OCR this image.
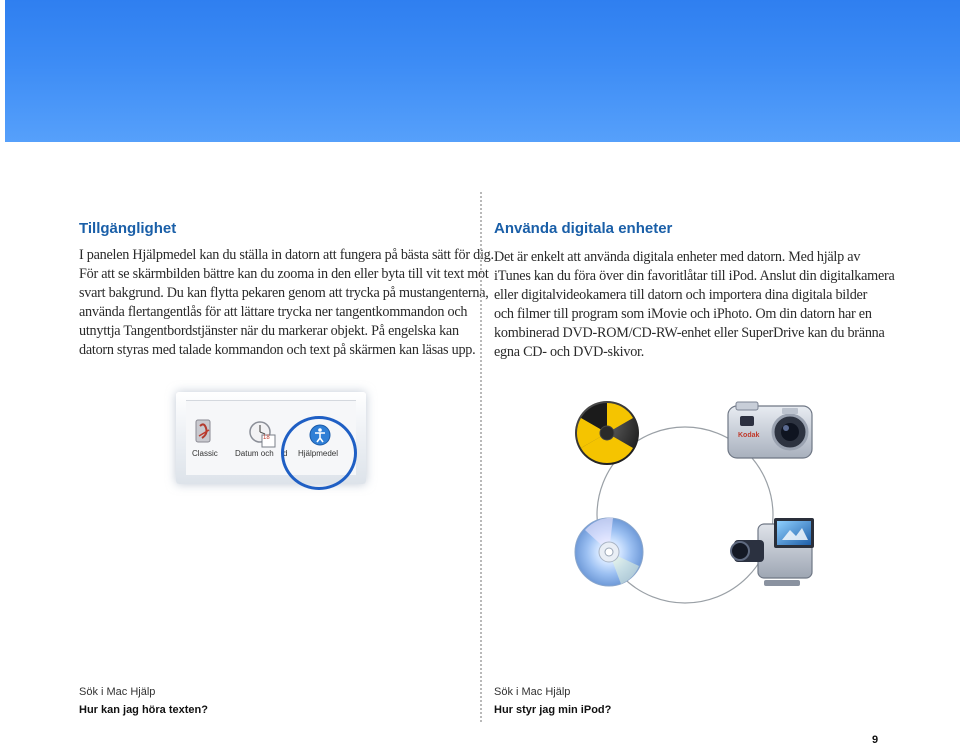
Tillgänglighet

I panelen Hjälpmedel kan du ställa in datorn att fungera på bästa sätt för dig.

För att se skärmbilden bättre kan du zooma in den eller byta till vit text mot

svart bakgrund. Du kan flytta pekaren genom att trycka på mustangenterna,

använda flertangentlås för att lättare trycka ner tangentkommandon och

utnyttja Tangentbordstjänster när du markerar objekt. På engelska kan

datorn styras med talade kommandon och text på skärmen kan läsas upp.

18
Classic Datum och d Hjälpmedel
Använda digitala enheter

Det är enkelt att använda digitala enheter med datorn. Med hjälp av

iTunes kan du föra över din favoritlåtar till iPod. Anslut din digitalkamera

eller digitalvideokamera till datorn och importera dina digitala bilder

och filmer till program som iMovie och iPhoto. Om din datorn har en

kombinerad DVD-ROM/CD-RW-enhet eller SuperDrive kan du bränna

egna CD- och DVD-skivor.

Kodak

Sök i Mac Hjälp

Hur kan jag höra texten?

Sök i Mac Hjälp

Hur styr jag min iPod?

9
